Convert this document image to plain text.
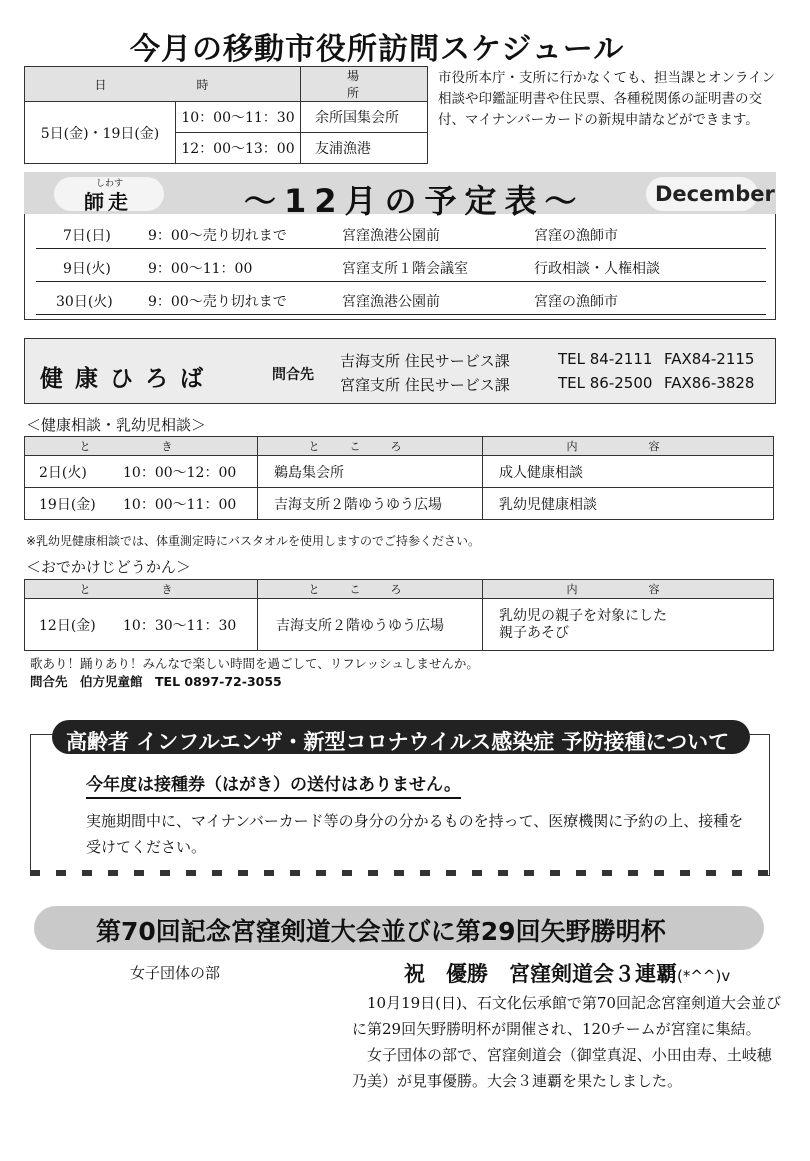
今月の移動市役所訪問スケジュール
日　　時		場　　所
5日(金)・19日(金)	10：00～11：30	余所国集会所
	12：00～13：00	友浦漁港
市役所本庁・支所に行かなくても、担当課とオンライン相談や印鑑証明書や住民票、各種税関係の証明書の交付、マイナンバーカードの新規申請などができます。
しわす
師走	～12月の予定表～	December
7日(日)	9：00～売り切れまで	宮窪漁港公園前	宮窪の漁師市
9日(火)	9：00～11：00	宮窪支所１階会議室	行政相談・人権相談
30日(火)	9：00～売り切れまで	宮窪漁港公園前	宮窪の漁師市
健康ひろば	問合先
吉海支所 住民サービス課	TEL 84-2111 FAX84-2115
宮窪支所 住民サービス課	TEL 86-2500 FAX86-3828
＜健康相談・乳幼児相談＞
と　き	ところ	内　容
2日(火) 10：00～12：00	鵜島集会所	成人健康相談
19日(金) 10：00～11：00	吉海支所２階ゆうゆう広場	乳幼児健康相談
※乳幼児健康相談では、体重測定時にバスタオルを使用しますのでご持参ください。
＜おでかけじどうかん＞
と　き	ところ	内　容
12日(金) 10：30～11：30	吉海支所２階ゆうゆう広場	乳幼児の親子を対象にした
親子あそび
歌あり！踊りあり！みんなで楽しい時間を過ごして、リフレッシュしませんか。
問合先　伯方児童館　TEL 0897-72-3055
高齢者 インフルエンザ・新型コロナウイルス感染症 予防接種について
今年度は接種券（はがき）の送付はありません。
実施期間中に、マイナンバーカード等の身分の分かるものを持って、医療機関に予約の上、接種を受けてください。
第70回記念宮窪剣道大会並びに第29回矢野勝明杯
女子団体の部	祝　優勝　宮窪剣道会３連覇(*^^)v
10月19日(日)、石文化伝承館で第70回記念宮窪剣道大会並びに第29回矢野勝明杯が開催され、120チームが宮窪に集結。
女子団体の部で、宮窪剣道会（御堂真浞、小田由寿、土岐穂乃美）が見事優勝。大会３連覇を果たしました。
